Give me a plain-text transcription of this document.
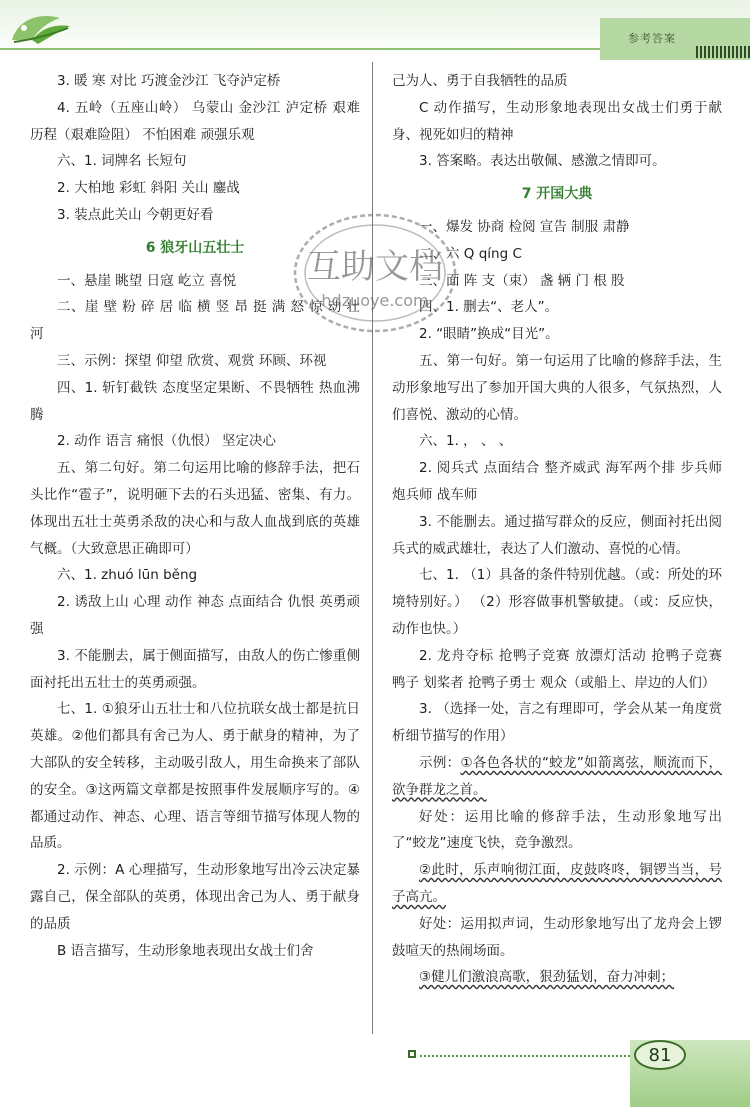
参考答案

3. 暖 寒 对比 巧渡金沙江 飞夺泸定桥

4. 五岭（五座山岭） 乌蒙山 金沙江 泸定桥 艰难历程（艰难险阻） 不怕困难 顽强乐观

六、1. 词牌名 长短句

2. 大柏地 彩虹 斜阳 关山 鏖战

3. 装点此关山 今朝更好看

6 狼牙山五壮士

一、悬崖 眺望 日寇 屹立 喜悦

二、崖 壁 粉 碎 居 临 横 竖 昂 挺 满 怒 惊 动 壮 河

三、示例：探望 仰望 欣赏、观赏 环顾、环视

四、1. 斩钉截铁 态度坚定果断、不畏牺牲 热血沸腾

2. 动作 语言 痛恨（仇恨） 坚定决心

五、第二句好。第二句运用比喻的修辞手法，把石头比作“雹子”，说明砸下去的石头迅猛、密集、有力。体现出五壮士英勇杀敌的决心和与敌人血战到底的英雄气概。（大致意思正确即可）

六、1. zhuó lūn běng

2. 诱敌上山 心理 动作 神态 点面结合 仇恨 英勇顽强

3. 不能删去，属于侧面描写，由敌人的伤亡惨重侧面衬托出五壮士的英勇顽强。

七、1. ①狼牙山五壮士和八位抗联女战士都是抗日英雄。②他们都具有舍己为人、勇于献身的精神，为了大部队的安全转移，主动吸引敌人，用生命换来了部队的安全。③这两篇文章都是按照事件发展顺序写的。④都通过动作、神态、心理、语言等细节描写体现人物的品质。

2. 示例：A 心理描写，生动形象地写出冷云决定暴露自己，保全部队的英勇，体现出舍己为人、勇于献身的品质

B 语言描写，生动形象地表现出女战士们舍

己为人、勇于自我牺牲的品质

C 动作描写，生动形象地表现出女战士们勇于献身、视死如归的精神

3. 答案略。表达出敬佩、感激之情即可。

7 开国大典

一、爆发 协商 检阅 宣告 制服 肃静

二、六 Q qíng C

三、面 阵 支（束） 盏 辆 门 根 股

四、1. 删去“、老人”。

2. “眼睛”换成“目光”。

五、第一句好。第一句运用了比喻的修辞手法，生动形象地写出了参加开国大典的人很多，气氛热烈，人们喜悦、激动的心情。

六、1. ， 、 、

2. 阅兵式 点面结合 整齐威武 海军两个排 步兵师 炮兵师 战车师

3. 不能删去。通过描写群众的反应，侧面衬托出阅兵式的威武雄壮，表达了人们激动、喜悦的心情。

七、1. （1）具备的条件特别优越。（或：所处的环境特别好。） （2）形容做事机警敏捷。（或：反应快，动作也快。）

2. 龙舟夺标 抢鸭子竞赛 放漂灯活动 抢鸭子竞赛 鸭子 划桨者 抢鸭子勇士 观众（或船上、岸边的人们）

3. （选择一处，言之有理即可，学会从某一角度赏析细节描写的作用）

示例：①各色各状的“蛟龙”如箭离弦，顺流而下，欲争群龙之首。

好处：运用比喻的修辞手法，生动形象地写出了“蛟龙”速度飞快，竞争激烈。

②此时，乐声响彻江面，皮鼓咚咚，铜锣当当，号子高亢。

好处：运用拟声词，生动形象地写出了龙舟会上锣鼓喧天的热闹场面。

③健儿们激浪高歌，狠劲猛划，奋力冲刺；

互助文档
hdzuoye.com
81
